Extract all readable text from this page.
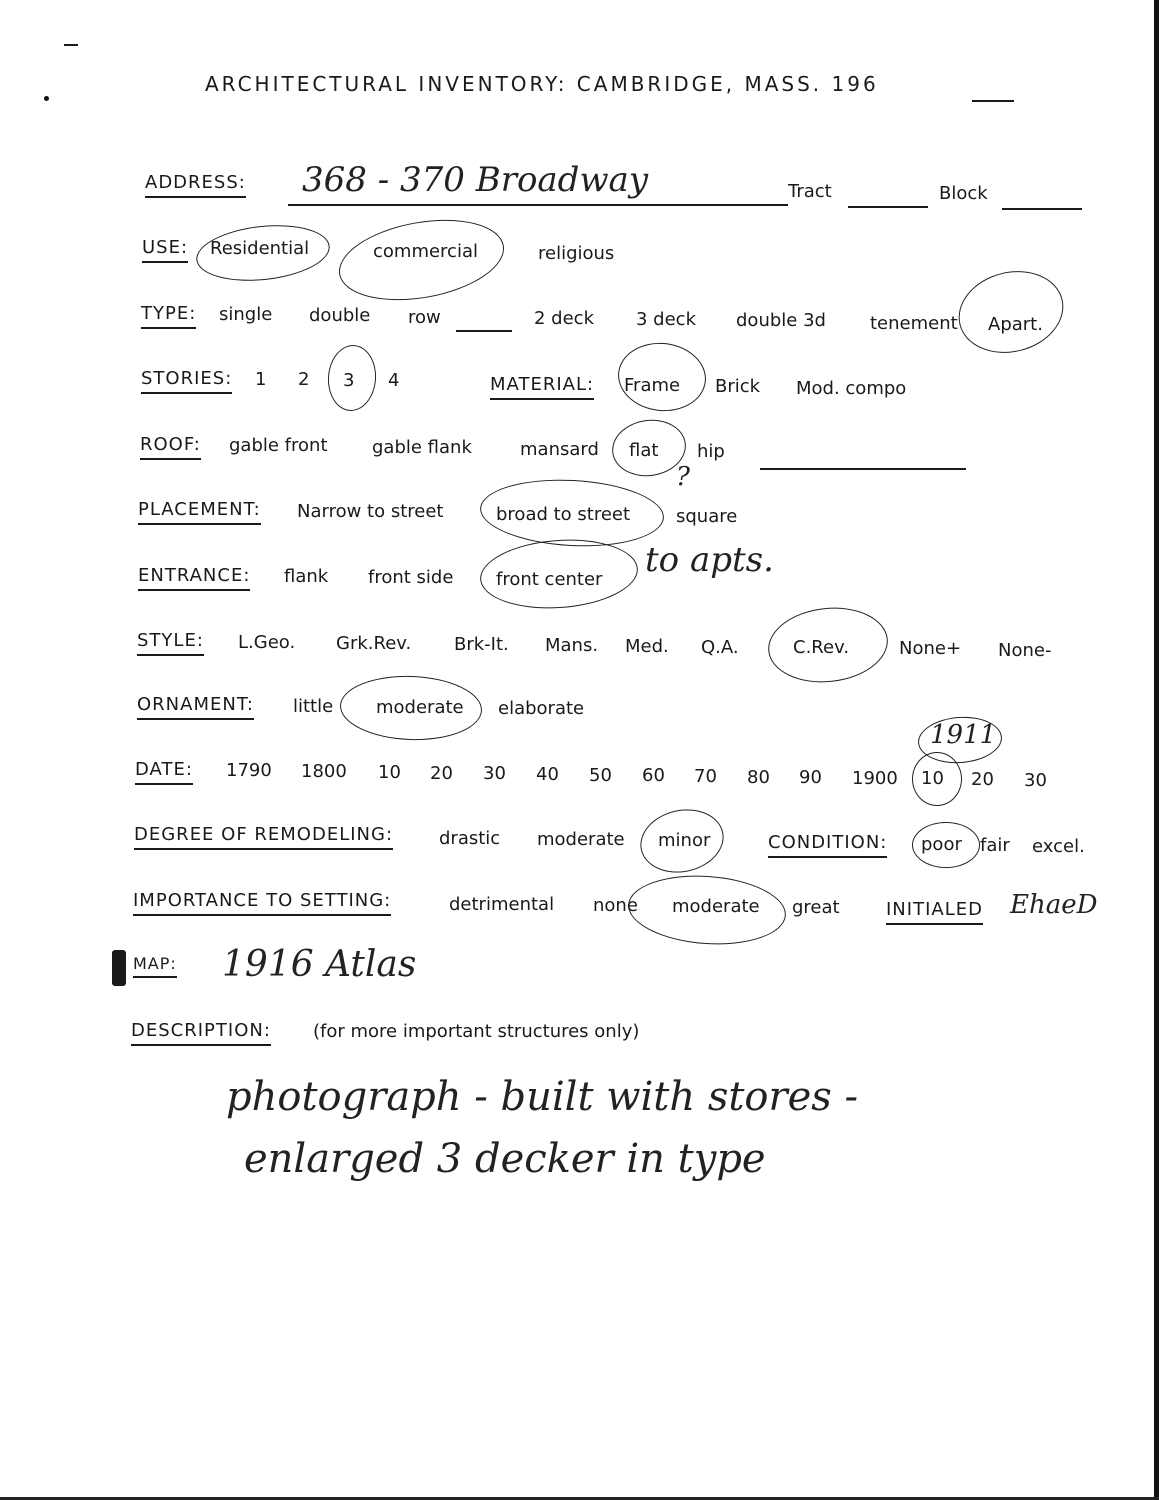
ARCHITECTURAL INVENTORY: CAMBRIDGE, MASS. 196
ADDRESS: 368 - 370 Broadway	Tract	Block
USE: Residential	commercial	religious
TYPE: single double row	2 deck 3 deck double 3d tenement Apart.
STORIES: 1 2 3 4	MATERIAL: Frame Brick Mod. compo
ROOF: gable front gable flank	mansard flat
?
hip
PLACEMENT: Narrow to street	broad to street	square
ENTRANCE: flank front side front center to apts.
STYLE: L.Geo. Grk.Rev. Brk-It. Mans. Med. Q.A.	C.Rev.	None+ None-
ORNAMENT: little moderate elaborate
DATE: 1790 1800 10 20 30 40 50 60 70 80 90 1900 10 20 30
1911
DEGREE OF REMODELING:	drastic moderate minor	CONDITION: poor fair excel.
IMPORTANCE TO SETTING:	detrimental none moderate great	INITIALED EhaeD
MAP: 1916 Atlas
DESCRIPTION: (for more important structures only)
photograph - built with stores -
enlarged 3 decker in type
